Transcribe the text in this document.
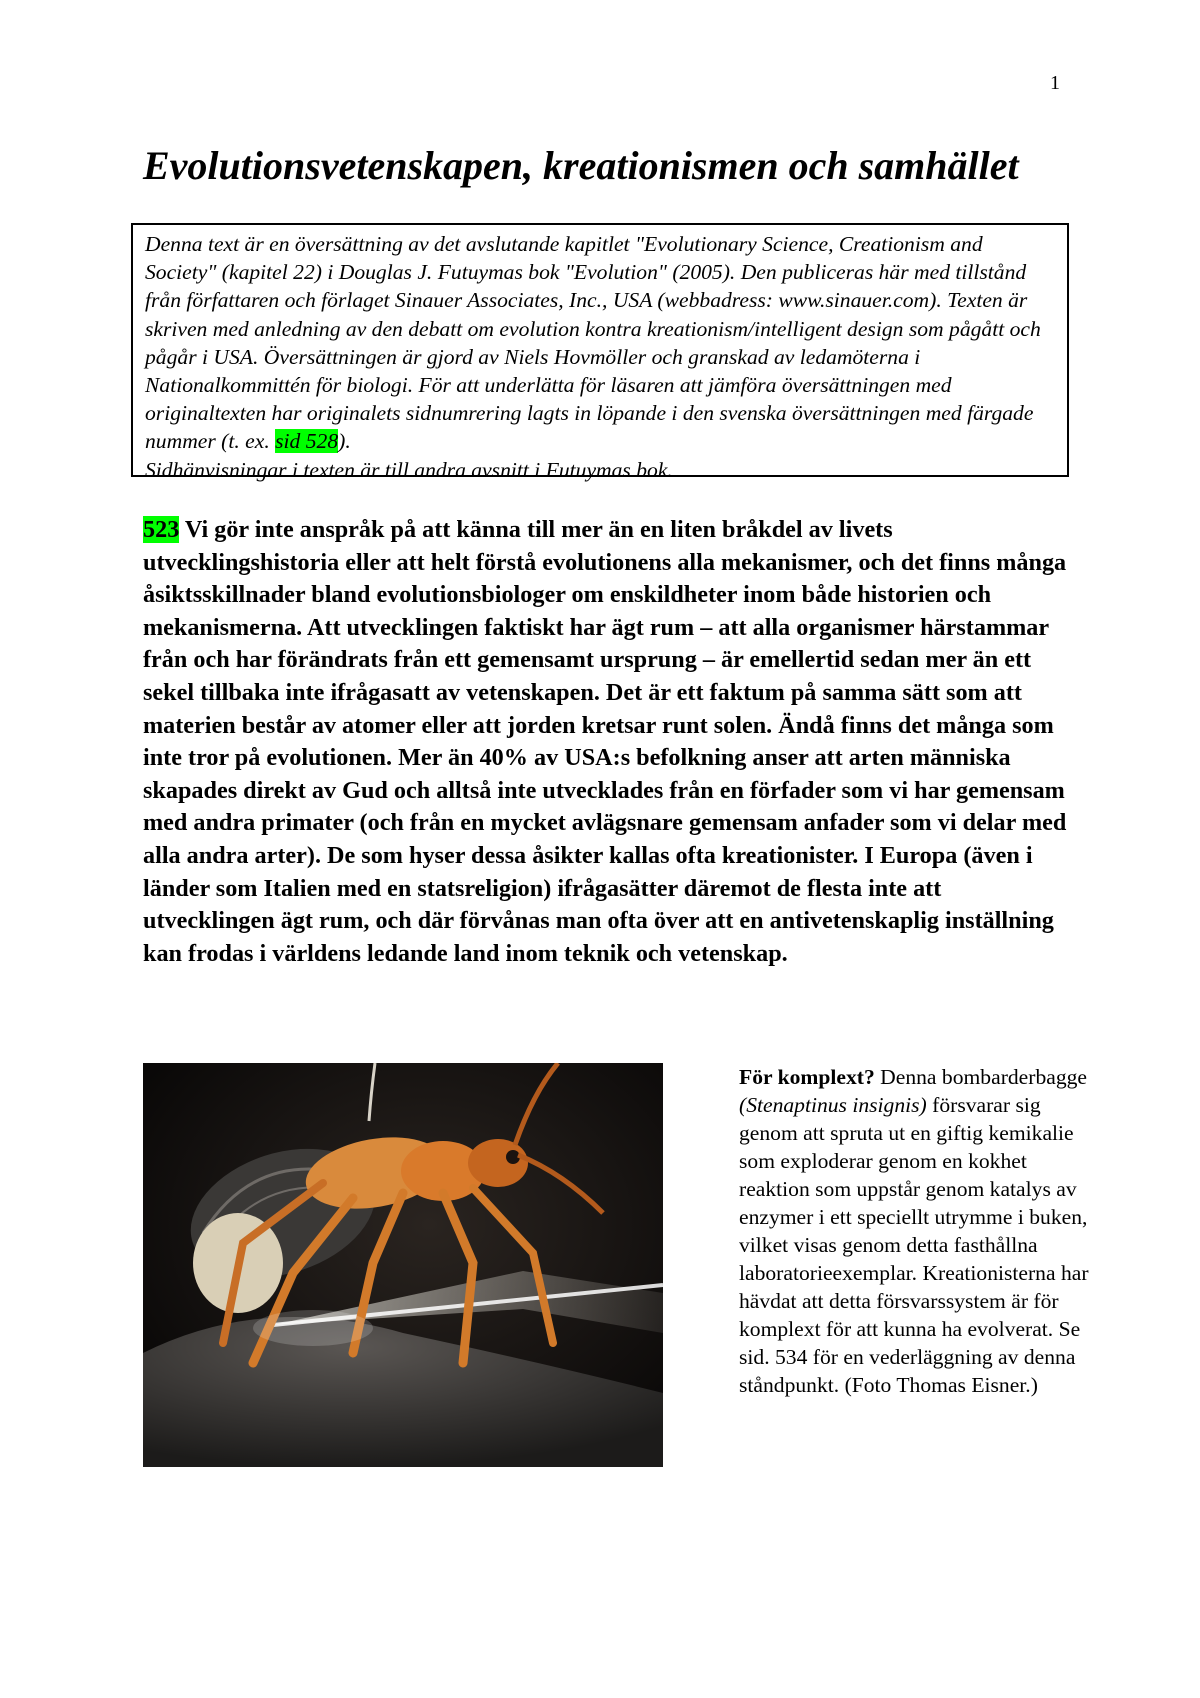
1
Evolutionsvetenskapen, kreationismen och samhället
Denna text är en översättning av det avslutande kapitlet "Evolutionary Science, Creationism and Society" (kapitel 22) i Douglas J. Futuymas bok "Evolution" (2005). Den publiceras här med tillstånd från författaren och förlaget Sinauer Associates, Inc., USA (webbadress: www.sinauer.com). Texten är skriven med anledning av den debatt om evolution kontra kreationism/intelligent design som pågått och pågår i USA. Översättningen är gjord av Niels Hovmöller och granskad av ledamöterna i Nationalkommittén för biologi. För att underlätta för läsaren att jämföra översättningen med originaltexten har originalets sidnumrering lagts in löpande i den svenska översättningen med färgade nummer (t. ex. sid 528).
Sidhänvisningar i texten är till andra avsnitt i Futuymas bok.

523 Vi gör inte anspråk på att känna till mer än en liten bråkdel av livets utvecklingshistoria eller att helt förstå evolutionens alla mekanismer, och det finns många åsiktsskillnader bland evolutionsbiologer om enskildheter inom både historien och mekanismerna. Att utvecklingen faktiskt har ägt rum – att alla organismer härstammar från och har förändrats från ett gemensamt ursprung – är emellertid sedan mer än ett sekel tillbaka inte ifrågasatt av vetenskapen. Det är ett faktum på samma sätt som att materien består av atomer eller att jorden kretsar runt solen. Ändå finns det många som inte tror på evolutionen. Mer än 40% av USA:s befolkning anser att arten människa skapades direkt av Gud och alltså inte utvecklades från en förfader som vi har gemensam med andra primater (och från en mycket avlägsnare gemensam anfader som vi delar med alla andra arter). De som hyser dessa åsikter kallas ofta kreationister. I Europa (även i länder som Italien med en statsreligion) ifrågasätter däremot de flesta inte att utvecklingen ägt rum, och där förvånas man ofta över att en antivetenskaplig inställning kan frodas i världens ledande land inom teknik och vetenskap.

För komplext? Denna bombarderbagge (Stenaptinus insignis) försvarar sig genom att spruta ut en giftig kemikalie som exploderar genom en kokhet reaktion som uppstår genom katalys av enzymer i ett speciellt utrymme i buken, vilket visas genom detta fasthållna laboratorieexemplar. Kreationisterna har hävdat att detta försvarssystem är för komplext för att kunna ha evolverat. Se sid. 534 för en vederläggning av denna ståndpunkt. (Foto Thomas Eisner.)
